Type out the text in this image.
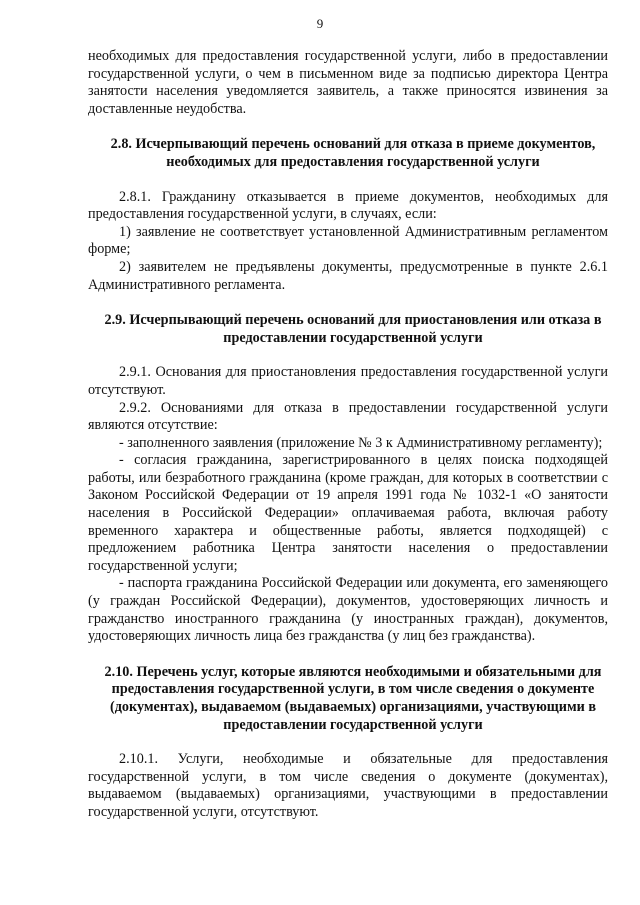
9

необходимых для предоставления государственной услуги, либо в предоставлении государственной услуги, о чем в письменном виде за подписью директора Центра занятости населения уведомляется заявитель, а также приносятся извинения за доставленные неудобства.

2.8. Исчерпывающий перечень оснований для отказа в приеме документов, необходимых для предоставления государственной услуги

2.8.1. Гражданину отказывается в приеме документов, необходимых для предоставления государственной услуги, в случаях, если:

1) заявление не соответствует установленной Административным регламентом форме;

2) заявителем не предъявлены документы, предусмотренные в пункте 2.6.1 Административного регламента.

2.9. Исчерпывающий перечень оснований для приостановления или отказа в предоставлении государственной услуги

2.9.1. Основания для приостановления предоставления государственной услуги отсутствуют.

2.9.2. Основаниями для отказа в предоставлении государственной услуги являются отсутствие:

- заполненного заявления (приложение № 3 к Административному регламенту);

- согласия гражданина, зарегистрированного в целях поиска подходящей работы, или безработного гражданина (кроме граждан, для которых в соответствии с Законом Российской Федерации от 19 апреля 1991 года № 1032-1 «О занятости населения в Российской Федерации» оплачиваемая работа, включая работу временного характера и общественные работы, является подходящей) с предложением работника Центра занятости населения о предоставлении государственной услуги;

- паспорта гражданина Российской Федерации или документа, его заменяющего (у граждан Российской Федерации), документов, удостоверяющих личность и гражданство иностранного гражданина (у иностранных граждан), документов, удостоверяющих личность лица без гражданства (у лиц без гражданства).

2.10. Перечень услуг, которые являются необходимыми и обязательными для предоставления государственной услуги, в том числе сведения о документе (документах), выдаваемом (выдаваемых) организациями, участвующими в предоставлении государственной услуги

2.10.1. Услуги, необходимые и обязательные для предоставления государственной услуги, в том числе сведения о документе (документах), выдаваемом (выдаваемых) организациями, участвующими в предоставлении государственной услуги, отсутствуют.
